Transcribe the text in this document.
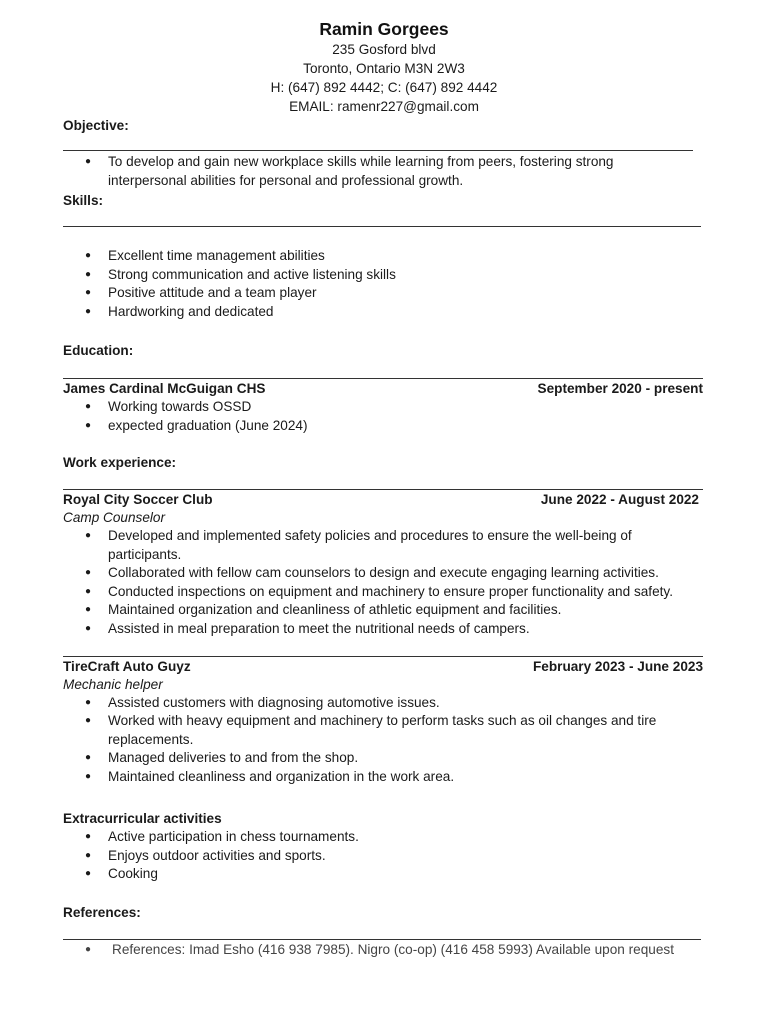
Ramin Gorgees
235 Gosford blvd
Toronto, Ontario M3N 2W3
H: (647) 892 4442; C: (647) 892 4442
EMAIL: ramenr227@gmail.com
Objective:
● To develop and gain new workplace skills while learning from peers, fostering strong interpersonal abilities for personal and professional growth.
Skills:
● Excellent time management abilities
● Strong communication and active listening skills
● Positive attitude and a team player
● Hardworking and dedicated
Education:
James Cardinal McGuigan CHS	September 2020 - present
● Working towards OSSD
● expected graduation (June 2024)
Work experience:
Royal City Soccer Club	June 2022 - August 2022
Camp Counselor
● Developed and implemented safety policies and procedures to ensure the well-being of participants.
● Collaborated with fellow cam counselors to design and execute engaging learning activities.
● Conducted inspections on equipment and machinery to ensure proper functionality and safety.
● Maintained organization and cleanliness of athletic equipment and facilities.
● Assisted in meal preparation to meet the nutritional needs of campers.
TireCraft Auto Guyz	February 2023 - June 2023
Mechanic helper
● Assisted customers with diagnosing automotive issues.
● Worked with heavy equipment and machinery to perform tasks such as oil changes and tire replacements.
● Managed deliveries to and from the shop.
● Maintained cleanliness and organization in the work area.
Extracurricular activities
● Active participation in chess tournaments.
● Enjoys outdoor activities and sports.
● Cooking
References:
● References: Imad Esho (416 938 7985). Nigro (co-op) (416 458 5993) Available upon request
